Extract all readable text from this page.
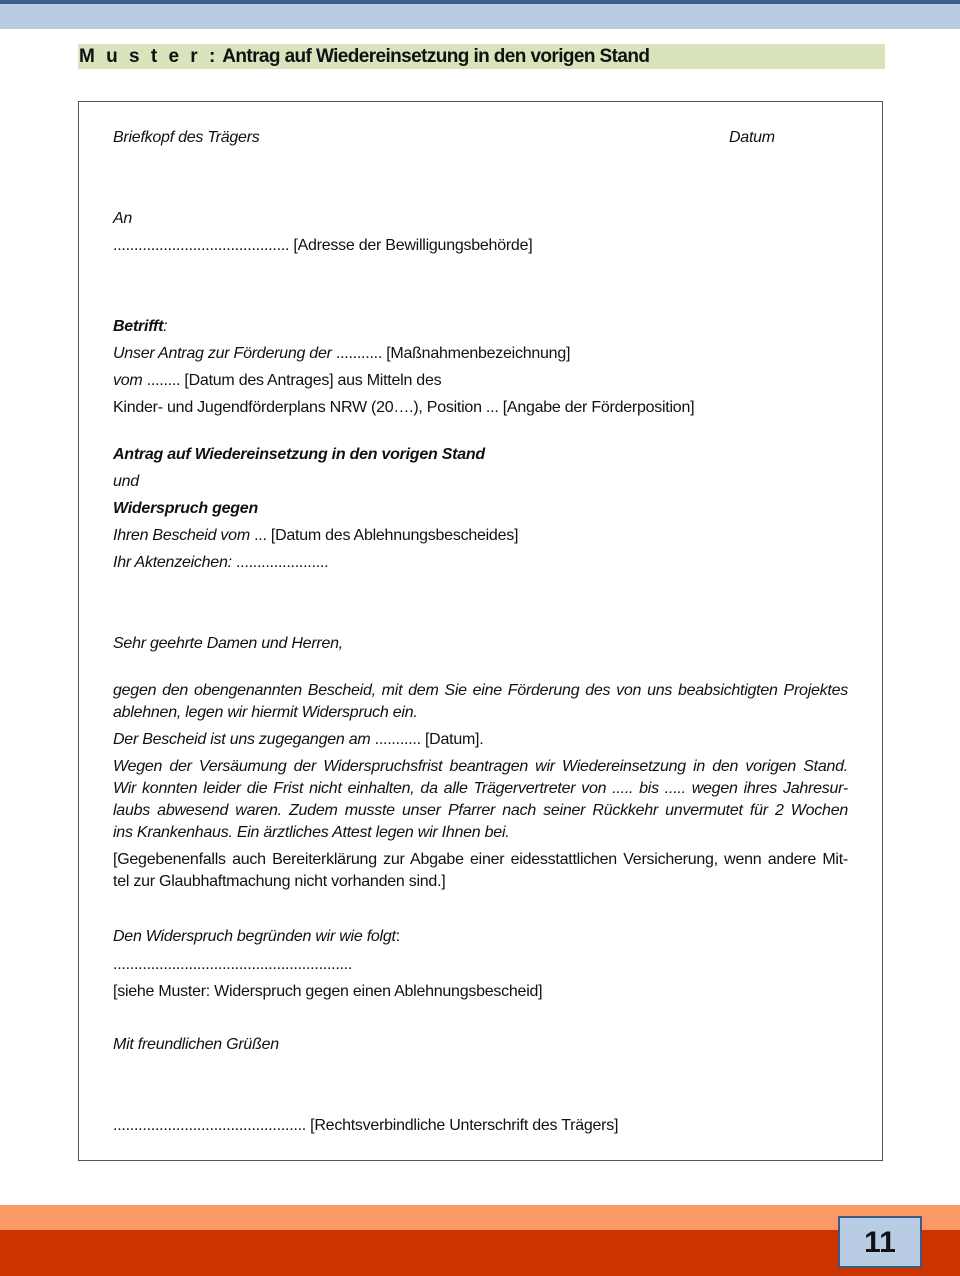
M u s t e r : Antrag auf Wiedereinsetzung in den vorigen Stand
Briefkopf des Trägers	Datum
An
.......................................... [Adresse der Bewilligungsbehörde]
Betrifft:
Unser Antrag zur Förderung der ........... [Maßnahmenbezeichnung]
vom ........ [Datum des Antrages] aus Mitteln des
Kinder- und Jugendförderplans NRW (20….), Position ... [Angabe der Förderposition]
Antrag auf Wiedereinsetzung in den vorigen Stand
und
Widerspruch gegen
Ihren Bescheid vom ... [Datum des Ablehnungsbescheides]
Ihr Aktenzeichen: ......................
Sehr geehrte Damen und Herren,
gegen den obengenannten Bescheid, mit dem Sie eine Förderung des von uns beabsichtigten Projektes
ablehnen, legen wir hiermit Widerspruch ein.
Der Bescheid ist uns zugegangen am ........... [Datum].
Wegen der Versäumung der Widerspruchsfrist beantragen wir Wiedereinsetzung in den vorigen Stand.
Wir konnten leider die Frist nicht einhalten, da alle Trägervertreter von ..... bis ..... wegen ihres Jahresur-
laubs abwesend waren. Zudem musste unser Pfarrer nach seiner Rückkehr unvermutet für 2 Wochen
ins Krankenhaus. Ein ärztliches Attest legen wir Ihnen bei.
[Gegebenenfalls auch Bereiterklärung zur Abgabe einer eidesstattlichen Versicherung, wenn andere Mit-
tel zur Glaubhaftmachung nicht vorhanden sind.]
Den Widerspruch begründen wir wie folgt:
.........................................................
[siehe Muster: Widerspruch gegen einen Ablehnungsbescheid]
Mit freundlichen Grüßen
.............................................. [Rechtsverbindliche Unterschrift des Trägers]
11
